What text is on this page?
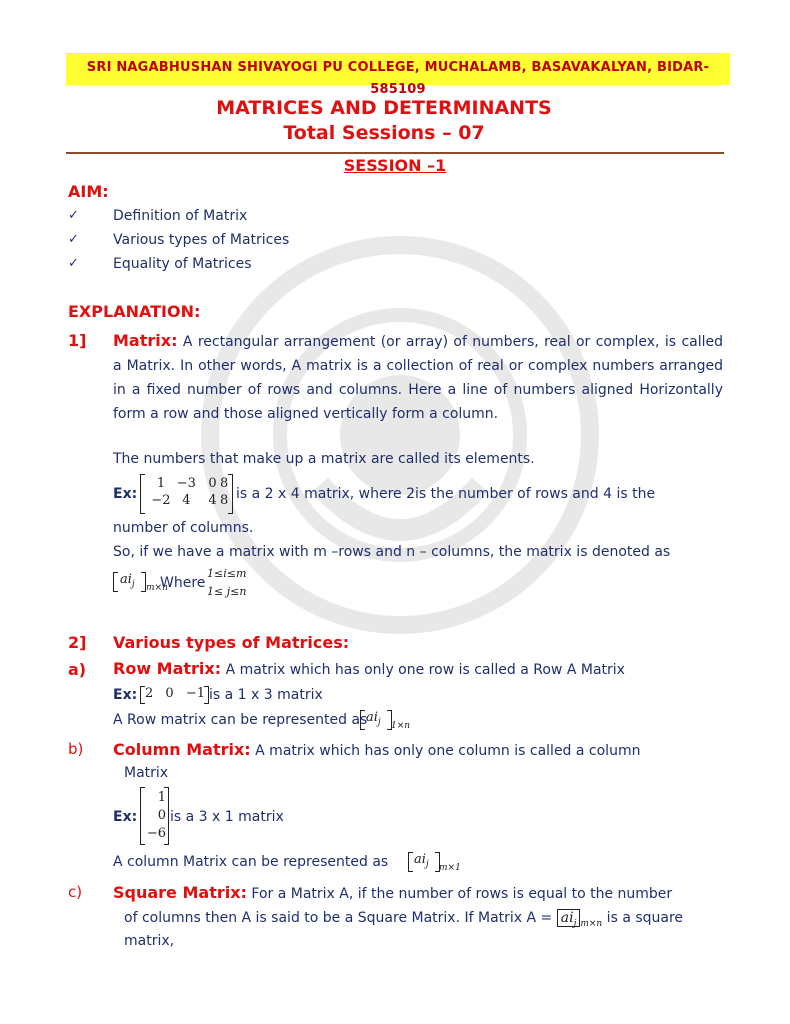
SRI NAGABHUSHAN SHIVAYOGI PU COLLEGE, MUCHALAMB, BASAVAKALYAN, BIDAR- 585109
MATRICES AND DETERMINANTS
Total Sessions – 07
SESSION –1
AIM:
✓ Definition of Matrix
✓ Various types of Matrices
✓ Equality of Matrices
EXPLANATION:
1] Matrix: A rectangular arrangement (or array) of numbers, real or complex, is called a Matrix. In other words, A matrix is a collection of real or complex numbers arranged in a fixed number of rows and columns. Here a line of numbers aligned Horizontally form a row and those aligned vertically form a column.
The numbers that make up a matrix are called its elements.
Ex:
1 −3 0 8
−2 4	4 8 is a 2 x 4 matrix, where 2is the number of rows and 4 is the
number of columns.
So, if we have a matrix with m –rows and n – columns, the matrix is denoted as
$ai_j$ m×n
Where
1≤i≤m
1≤ j≤n
2] Various types of Matrices:
a) Row Matrix: A matrix which has only one row is called a Row A Matrix
Ex: 2 0 −1 is a 1 x 3 matrix
A Row matrix can be represented as
$ai_j$ 1×n
b) Column Matrix: A matrix which has only one column is called a column
Matrix
Ex:
1
0
−6
is a 3 x 1 matrix
A column Matrix can be represented as $ai_j$ m×1
c) Square Matrix: For a Matrix A, if the number of rows is equal to the number
of columns then A is said to be a Square Matrix. If Matrix $A = ai_j$ $_{m\times n}$ is a square
matrix,
